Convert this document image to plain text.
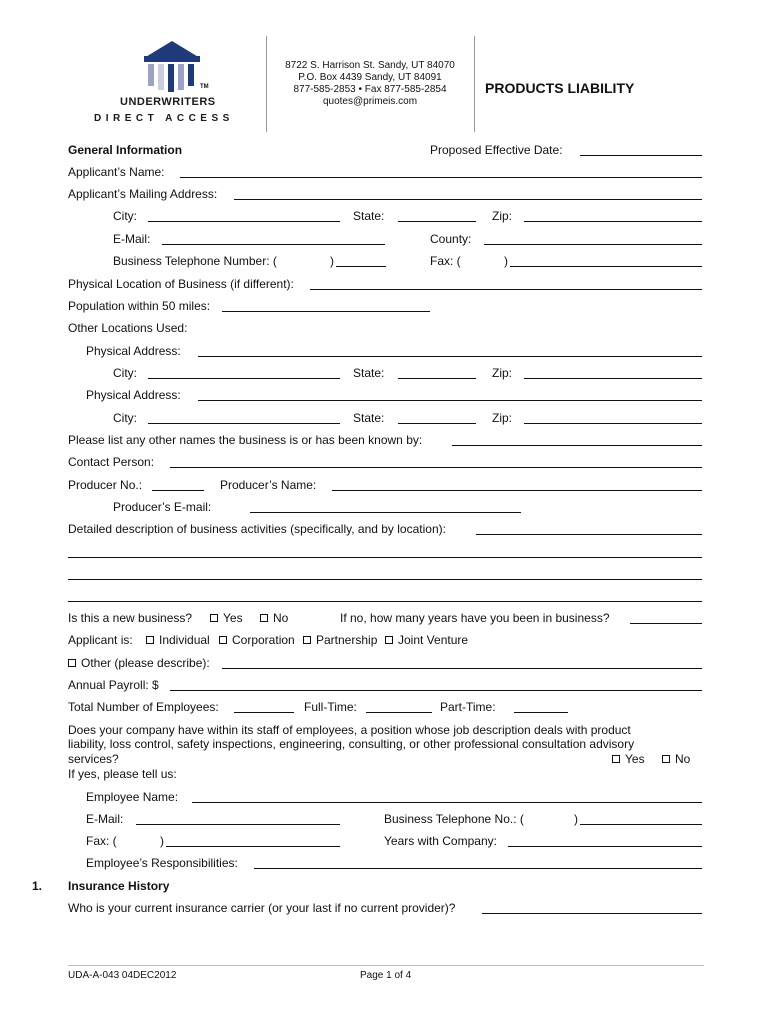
TM
UNDERWRITERS
DIRECT ACCESS
8722 S. Harrison St. Sandy, UT 84070
P.O. Box 4439 Sandy, UT 84091
877-585-2853 • Fax 877-585-2854
quotes@primeis.com
PRODUCTS LIABILITY
General Information	Proposed Effective Date:
Applicant’s Name:
Applicant’s Mailing Address:
City:	State:	Zip:
E-Mail:	County:
Business Telephone Number: (	)	Fax: (	)
Physical Location of Business (if different):
Population within 50 miles:
Other Locations Used:
Physical Address:
City:	State:	Zip:
Physical Address:
City:	State:	Zip:
Please list any other names the business is or has been known by:
Contact Person:
Producer No.:	Producer’s Name:
Producer’s E-mail:
Detailed description of business activities (specifically, and by location):
Is this a new business?	Yes	No	If no, how many years have you been in business?
Applicant is:	Individual	Corporation	Partnership	Joint Venture
Other (please describe):
Annual Payroll: $
Total Number of Employees:	Full-Time:	Part-Time:
Does your company have within its staff of employees, a position whose job description deals with product
liability, loss control, safety inspections, engineering, consulting, or other professional consultation advisory
services?	Yes	No
If yes, please tell us:
Employee Name:
E-Mail:	Business Telephone No.: (	)
Fax: (	)	Years with Company:
Employee’s Responsibilities:
1. Insurance History
Who is your current insurance carrier (or your last if no current provider)?
UDA-A-043 04DEC2012	Page 1 of 4
